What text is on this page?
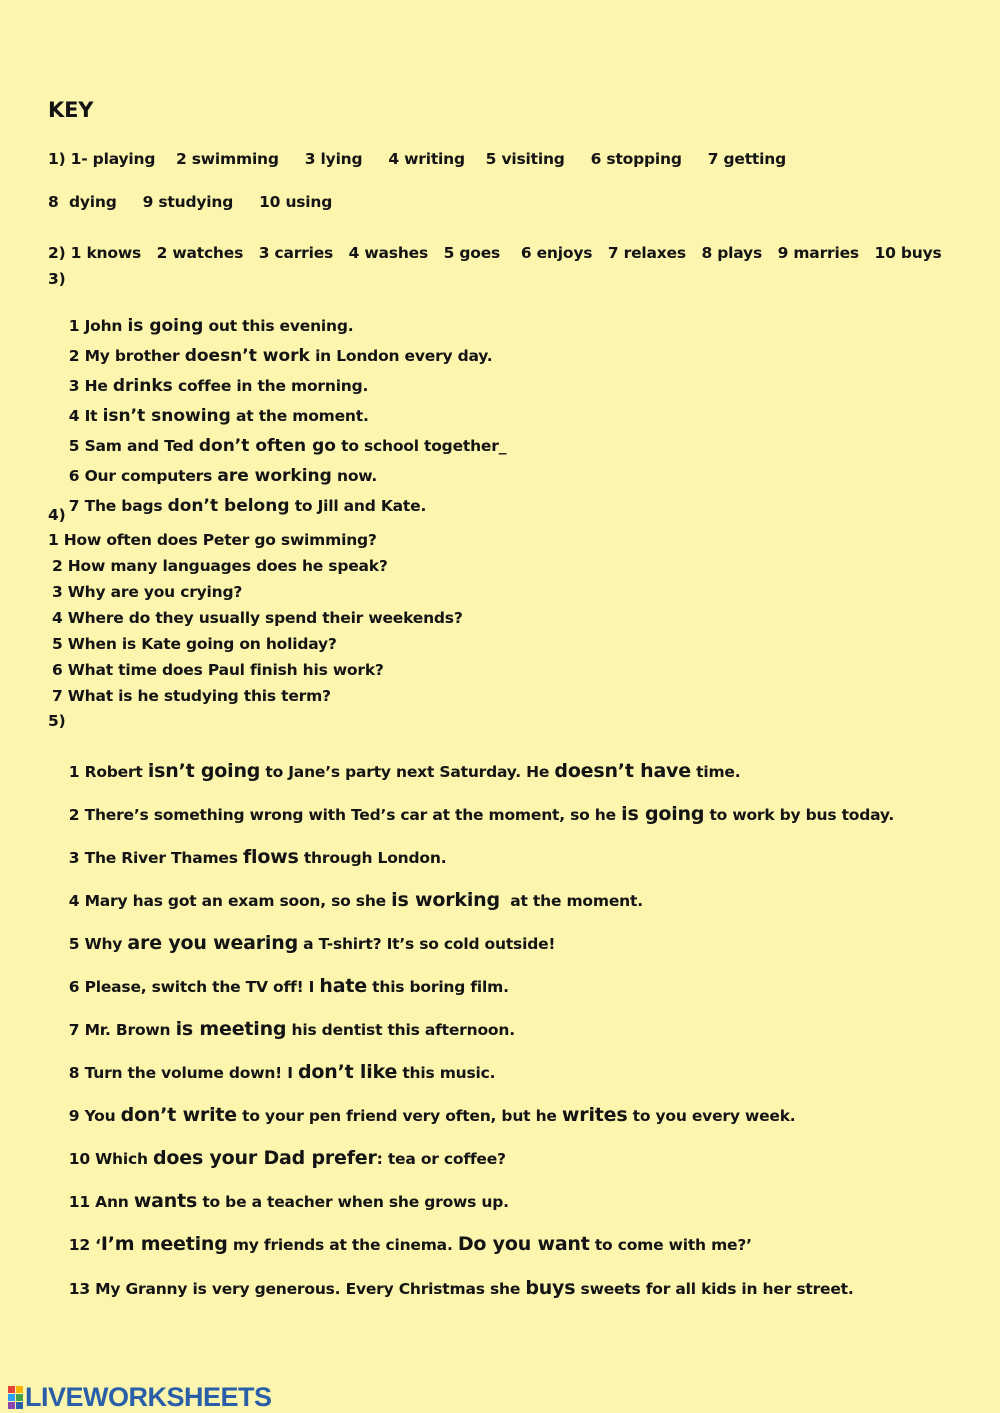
KEY
1) 1- playing    2 swimming     3 lying     4 writing    5 visiting     6 stopping     7 getting
8  dying     9 studying     10 using
2) 1 knows   2 watches   3 carries   4 washes   5 goes    6 enjoys   7 relaxes   8 plays   9 marries   10 buys
3)

1 John is going out this evening.

2 My brother doesn’t work in London every day.

3 He drinks coffee in the morning.

4 It isn’t snowing at the moment.

5 Sam and Ted don’t often go to school together_

6 Our computers are working now.

7 The bags don’t belong to Jill and Kate.

4)
1 How often does Peter go swimming?
2 How many languages does he speak?
3 Why are you crying?
4 Where do they usually spend their weekends?
5 When is Kate going on holiday?
6 What time does Paul finish his work?
7 What is he studying this term?
5)

1 Robert isn’t going to Jane’s party next Saturday. He doesn’t have time.

2 There’s something wrong with Ted’s car at the moment, so he is going to work by bus today.

3 The River Thames flows through London.

4 Mary has got an exam soon, so she is working  at the moment.

5 Why are you wearing a T-shirt? It’s so cold outside!

6 Please, switch the TV off! I hate this boring film.

7 Mr. Brown is meeting his dentist this afternoon.

8 Turn the volume down! I don’t like this music.

9 You don’t write to your pen friend very often, but he writes to you every week.

10 Which does your Dad prefer: tea or coffee?

11 Ann wants to be a teacher when she grows up.

12 ‘I’m meeting my friends at the cinema. Do you want to come with me?’

13 My Granny is very generous. Every Christmas she buys sweets for all kids in her street.

LIVEWORKSHEETS
